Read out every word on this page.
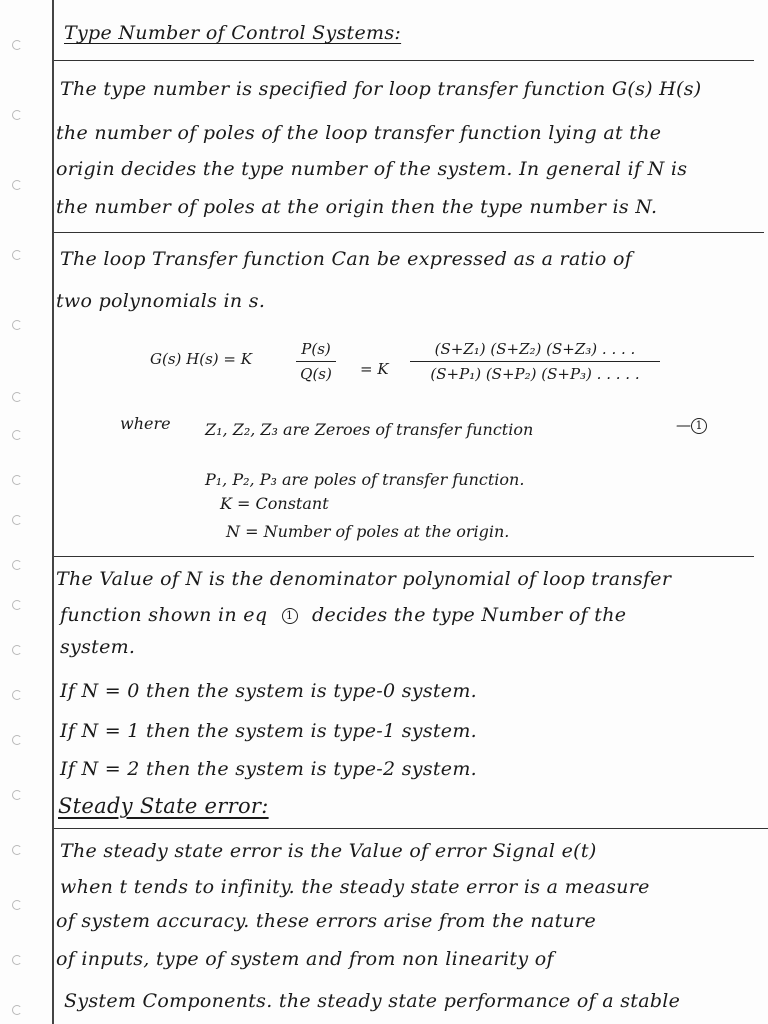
Type Number of Control Systems:
The type number is specified for loop transfer function G(s) H(s)
the number of poles of the loop transfer function lying at the
origin decides the type number of the system. In general if N is
the number of poles at the origin then the type number is N.
The loop Transfer function Can be expressed as a ratio of
two polynomials in s.
G(s) H(s) = K
P(s)
Q(s) = K
(S+Z₁) (S+Z₂) (S+Z₃) . . . .
(S+P₁) (S+P₂) (S+P₃) . . . . .
— 1
where Z₁, Z₂, Z₃ are Zeroes of transfer function
P₁, P₂, P₃ are poles of transfer function.
K = Constant
N = Number of poles at the origin.
The Value of N is the denominator polynomial of loop transfer
function shown in eq 1 decides the type Number of the
system.
If N = 0 then the system is type-0 system.
If N = 1 then the system is type-1 system.
If N = 2 then the system is type-2 system.
Steady State error:
The steady state error is the Value of error Signal e(t)
when t tends to infinity. the steady state error is a measure
of system accuracy. these errors arise from the nature
of inputs, type of system and from non linearity of
System Components. the steady state performance of a stable
